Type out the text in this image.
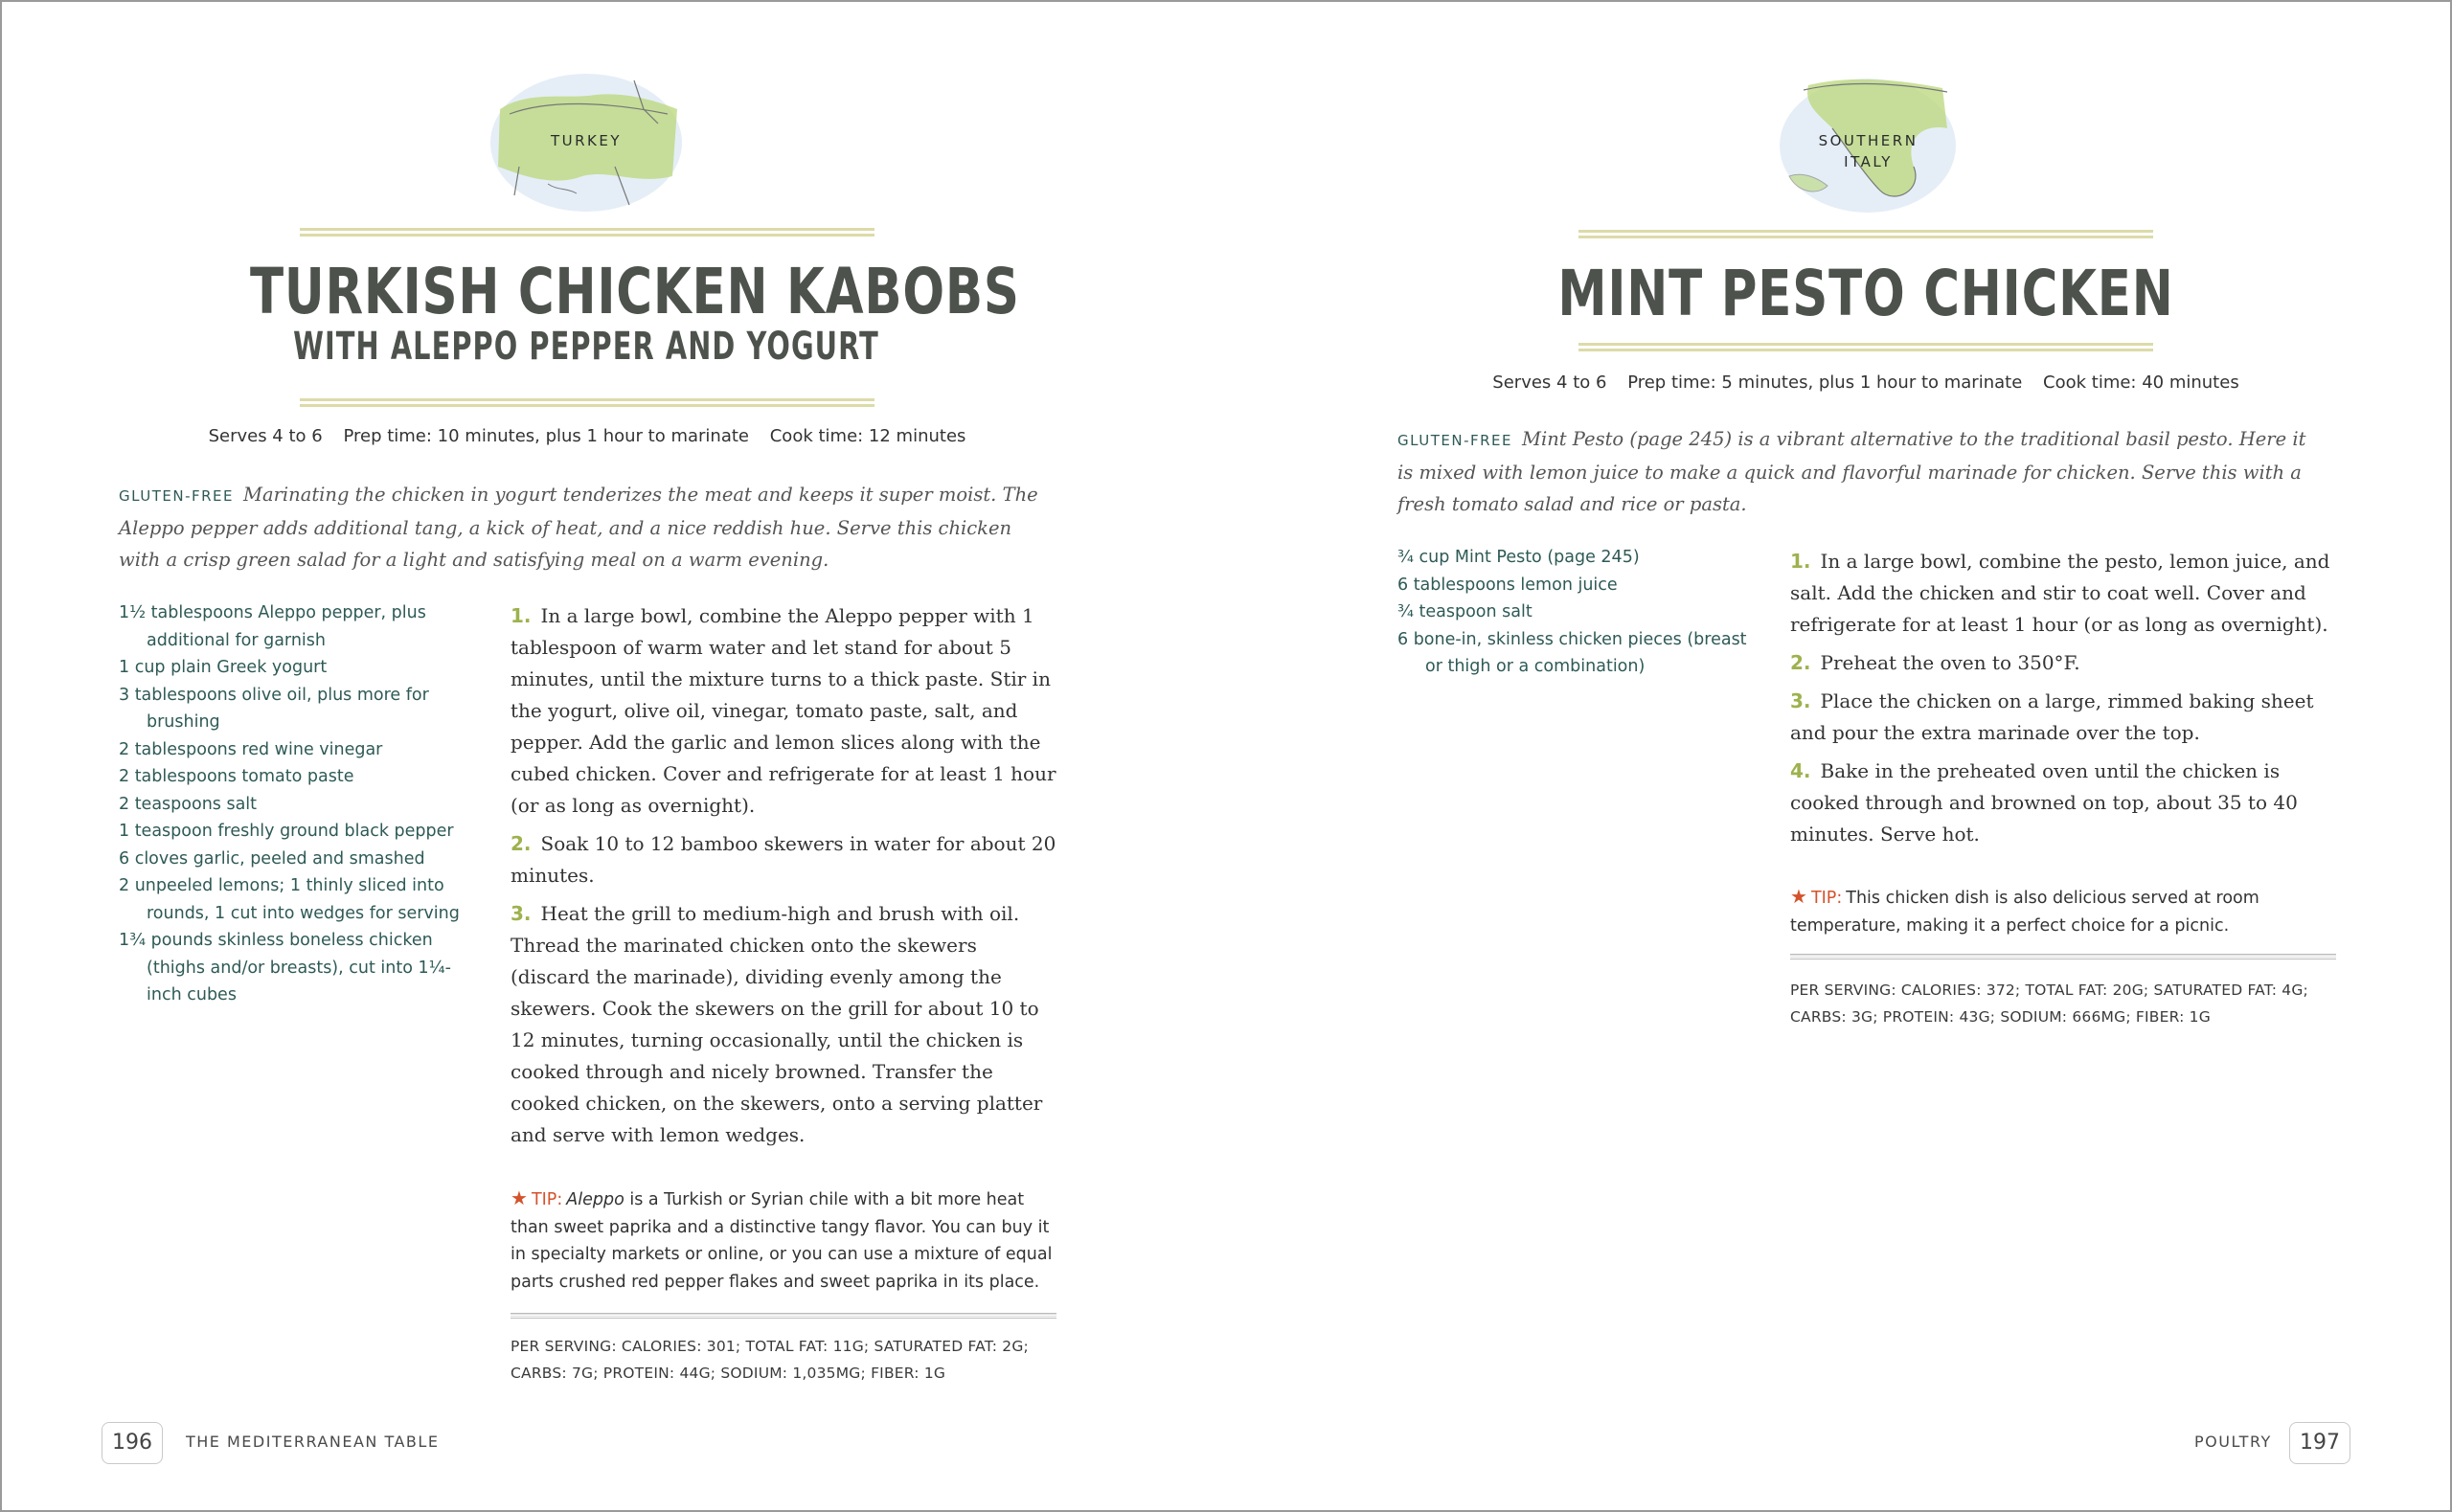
TURKEY
TURKISH CHICKEN KABOBS
WITH ALEPPO PEPPER AND YOGURT
Serves 4 to 6 Prep time: 10 minutes, plus 1 hour to marinate Cook time: 12 minutes
GLUTEN-FREE Marinating the chicken in yogurt tenderizes the meat and keeps it super moist. The Aleppo pepper adds additional tang, a kick of heat, and a nice reddish hue. Serve this chicken with a crisp green salad for a light and satisfying meal on a warm evening.
1½ tablespoons Aleppo pepper, plus additional for garnish
1 cup plain Greek yogurt
3 tablespoons olive oil, plus more for brushing
2 tablespoons red wine vinegar
2 tablespoons tomato paste
2 teaspoons salt
1 teaspoon freshly ground black pepper
6 cloves garlic, peeled and smashed
2 unpeeled lemons; 1 thinly sliced into rounds, 1 cut into wedges for serving
1¾ pounds skinless boneless chicken (thighs and/or breasts), cut into 1¼-inch cubes
1. In a large bowl, combine the Aleppo pepper with 1 tablespoon of warm water and let stand for about 5 minutes, until the mixture turns to a thick paste. Stir in the yogurt, olive oil, vinegar, tomato paste, salt, and pepper. Add the garlic and lemon slices along with the cubed chicken. Cover and refrigerate for at least 1 hour (or as long as overnight).
2. Soak 10 to 12 bamboo skewers in water for about 20 minutes.
3. Heat the grill to medium-high and brush with oil. Thread the marinated chicken onto the skewers (discard the marinade), dividing evenly among the skewers. Cook the skewers on the grill for about 10 to 12 minutes, turning occasionally, until the chicken is cooked through and nicely browned. Transfer the cooked chicken, on the skewers, onto a serving platter and serve with lemon wedges.
★ TIP: Aleppo is a Turkish or Syrian chile with a bit more heat than sweet paprika and a distinctive tangy flavor. You can buy it in specialty markets or online, or you can use a mixture of equal parts crushed red pepper flakes and sweet paprika in its place.
PER SERVING: CALORIES: 301; TOTAL FAT: 11G; SATURATED FAT: 2G; CARBS: 7G; PROTEIN: 44G; SODIUM: 1,035MG; FIBER: 1G
196	THE MEDITERRANEAN TABLE
SOUTHERN
ITALY
MINT PESTO CHICKEN
Serves 4 to 6 Prep time: 5 minutes, plus 1 hour to marinate Cook time: 40 minutes
GLUTEN-FREE Mint Pesto (page 245) is a vibrant alternative to the traditional basil pesto. Here it is mixed with lemon juice to make a quick and flavorful marinade for chicken. Serve this with a fresh tomato salad and rice or pasta.
¾ cup Mint Pesto (page 245)
6 tablespoons lemon juice
¾ teaspoon salt
6 bone-in, skinless chicken pieces (breast or thigh or a combination)
1. In a large bowl, combine the pesto, lemon juice, and salt. Add the chicken and stir to coat well. Cover and refrigerate for at least 1 hour (or as long as overnight).
2. Preheat the oven to 350°F.
3. Place the chicken on a large, rimmed baking sheet and pour the extra marinade over the top.
4. Bake in the preheated oven until the chicken is cooked through and browned on top, about 35 to 40 minutes. Serve hot.
★ TIP: This chicken dish is also delicious served at room temperature, making it a perfect choice for a picnic.
PER SERVING: CALORIES: 372; TOTAL FAT: 20G; SATURATED FAT: 4G; CARBS: 3G; PROTEIN: 43G; SODIUM: 666MG; FIBER: 1G
POULTRY	197
